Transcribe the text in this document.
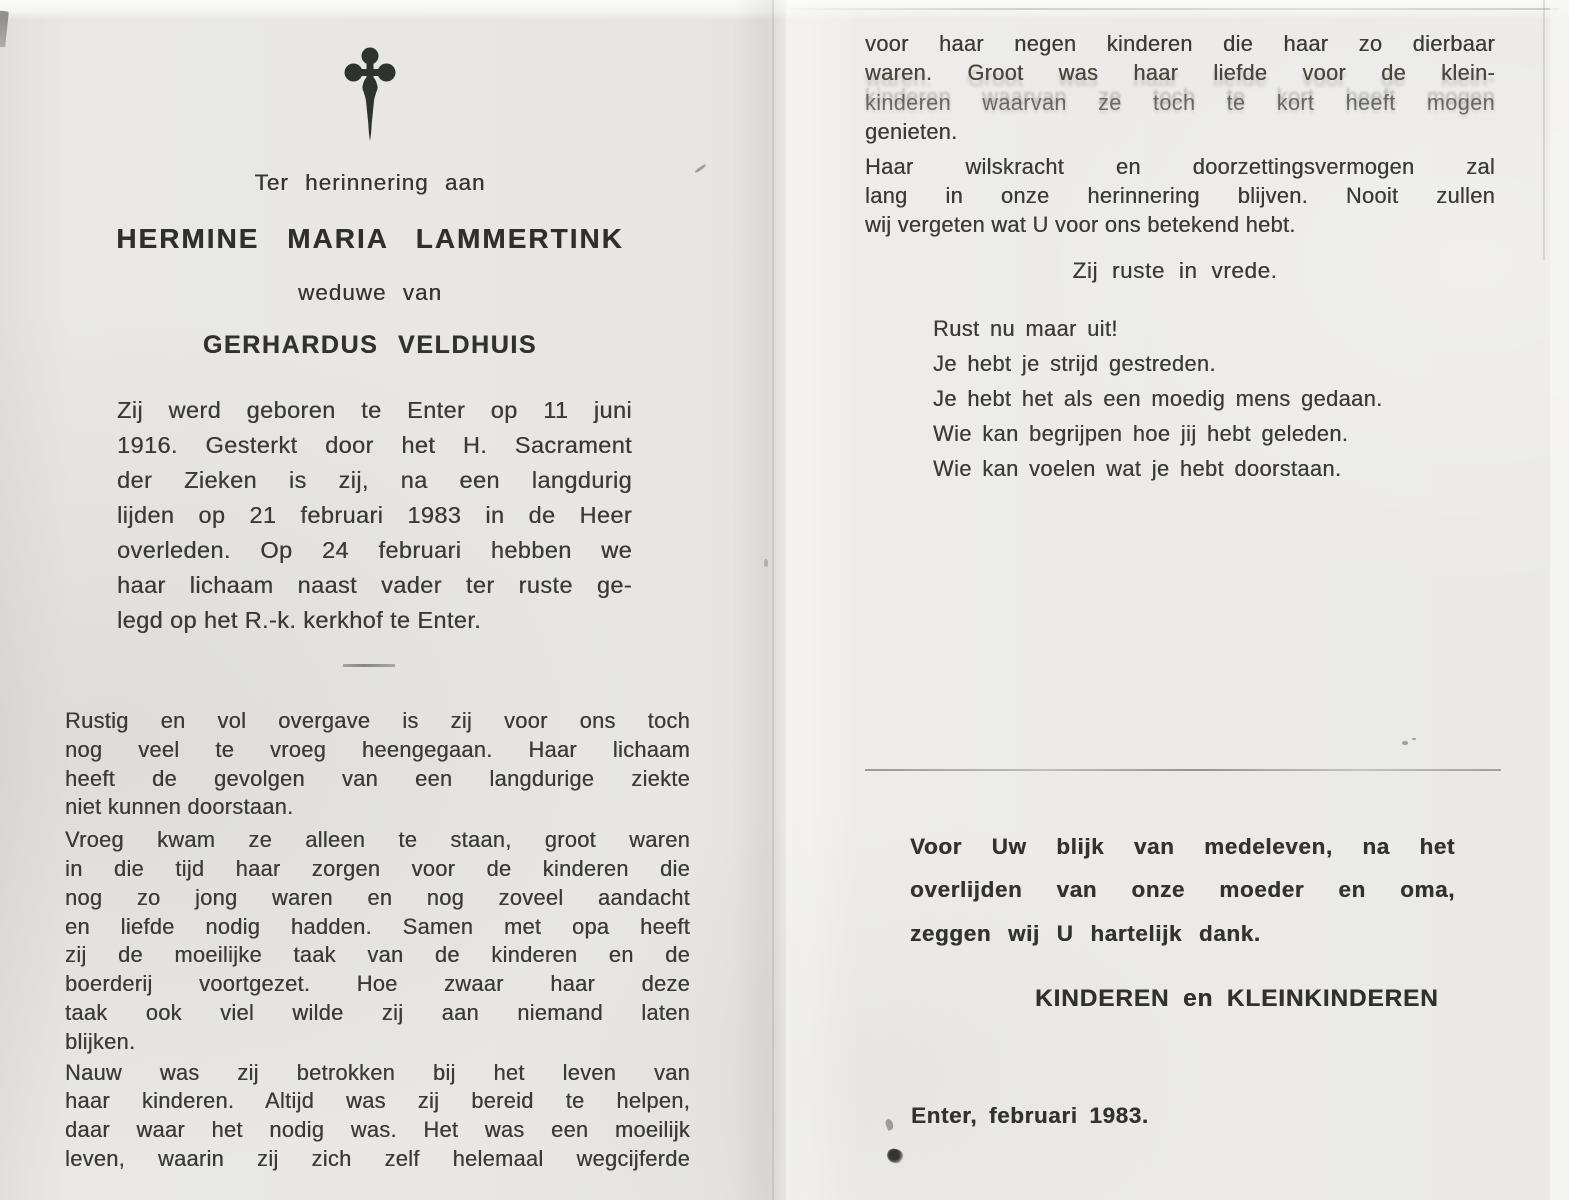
Ter herinnering aan
HERMINE MARIA LAMMERTINK
weduwe van
GERHARDUS VELDHUIS
Zij werd geboren te Enter op 11 juni
1916. Gesterkt door het H. Sacrament
der Zieken is zij, na een langdurig
lijden op 21 februari 1983 in de Heer
overleden. Op 24 februari hebben we
haar lichaam naast vader ter ruste ge-
legd op het R.-k. kerkhof te Enter.
Rustig en vol overgave is zij voor ons toch
nog veel te vroeg heengegaan. Haar lichaam
heeft de gevolgen van een langdurige ziekte
niet kunnen doorstaan.
Vroeg kwam ze alleen te staan, groot waren
in die tijd haar zorgen voor de kinderen die
nog zo jong waren en nog zoveel aandacht
en liefde nodig hadden. Samen met opa heeft
zij de moeilijke taak van de kinderen en de
boerderij voortgezet. Hoe zwaar haar deze
taak ook viel wilde zij aan niemand laten
blijken.
Nauw was zij betrokken bij het leven van
haar kinderen. Altijd was zij bereid te helpen,
daar waar het nodig was. Het was een moeilijk
leven, waarin zij zich zelf helemaal wegcijferde
voor haar negen kinderen die haar zo dierbaar
waren. Groot was haar liefde voor de klein-
kinderen waarvan ze toch te kort heeft mogen
genieten.
Haar wilskracht en doorzettingsvermogen zal
lang in onze herinnering blijven. Nooit zullen
wij vergeten wat U voor ons betekend hebt.
Zij ruste in vrede.
Rust nu maar uit!
Je hebt je strijd gestreden.
Je hebt het als een moedig mens gedaan.
Wie kan begrijpen hoe jij hebt geleden.
Wie kan voelen wat je hebt doorstaan.
Voor Uw blijk van medeleven, na het
overlijden van onze moeder en oma,
zeggen wij U hartelijk dank.
KINDEREN en KLEINKINDEREN
Enter, februari 1983.
